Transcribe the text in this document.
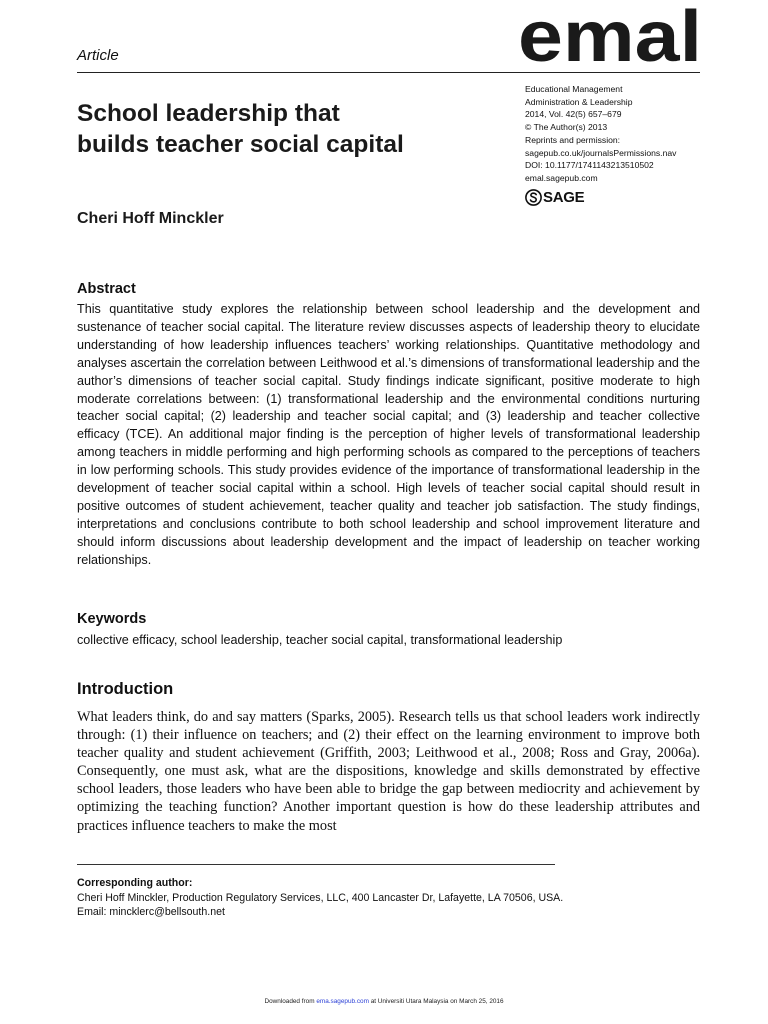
Article	emal
School leadership that
builds teacher social capital
Educational Management
Administration & Leadership
2014, Vol. 42(5) 657–679
© The Author(s) 2013
Reprints and permission:
sagepub.co.uk/journalsPermissions.nav
DOI: 10.1177/1741143213510502
emal.sagepub.com
SAGE
Cheri Hoff Minckler
Abstract
This quantitative study explores the relationship between school leadership and the development and sustenance of teacher social capital. The literature review discusses aspects of leadership theory to elucidate understanding of how leadership influences teachers’ working relationships. Quantitative methodology and analyses ascertain the correlation between Leithwood et al.’s dimensions of transformational leadership and the author’s dimensions of teacher social capital. Study findings indicate significant, positive moderate to high moderate correlations between: (1) transformational leadership and the environmental conditions nurturing teacher social capital; (2) leadership and teacher social capital; and (3) leadership and teacher collective efficacy (TCE). An additional major finding is the perception of higher levels of transformational leadership among teachers in middle performing and high performing schools as compared to the perceptions of teachers in low performing schools. This study provides evidence of the importance of transformational leadership in the development of teacher social capital within a school. High levels of teacher social capital should result in positive outcomes of student achievement, teacher quality and teacher job satisfaction. The study findings, interpretations and conclusions contribute to both school leadership and school improvement literature and should inform discussions about leadership development and the impact of leadership on teacher working relationships.
Keywords
collective efficacy, school leadership, teacher social capital, transformational leadership
Introduction
What leaders think, do and say matters (Sparks, 2005). Research tells us that school leaders work indirectly through: (1) their influence on teachers; and (2) their effect on the learning environment to improve both teacher quality and student achievement (Griffith, 2003; Leithwood et al., 2008; Ross and Gray, 2006a). Consequently, one must ask, what are the dispositions, knowledge and skills demonstrated by effective school leaders, those leaders who have been able to bridge the gap between mediocrity and achievement by optimizing the teaching function? Another important question is how do these leadership attributes and practices influence teachers to make the most
Corresponding author:
Cheri Hoff Minckler, Production Regulatory Services, LLC, 400 Lancaster Dr, Lafayette, LA 70506, USA.
Email: mincklerc@bellsouth.net
Downloaded from ema.sagepub.com at Universiti Utara Malaysia on March 25, 2016
